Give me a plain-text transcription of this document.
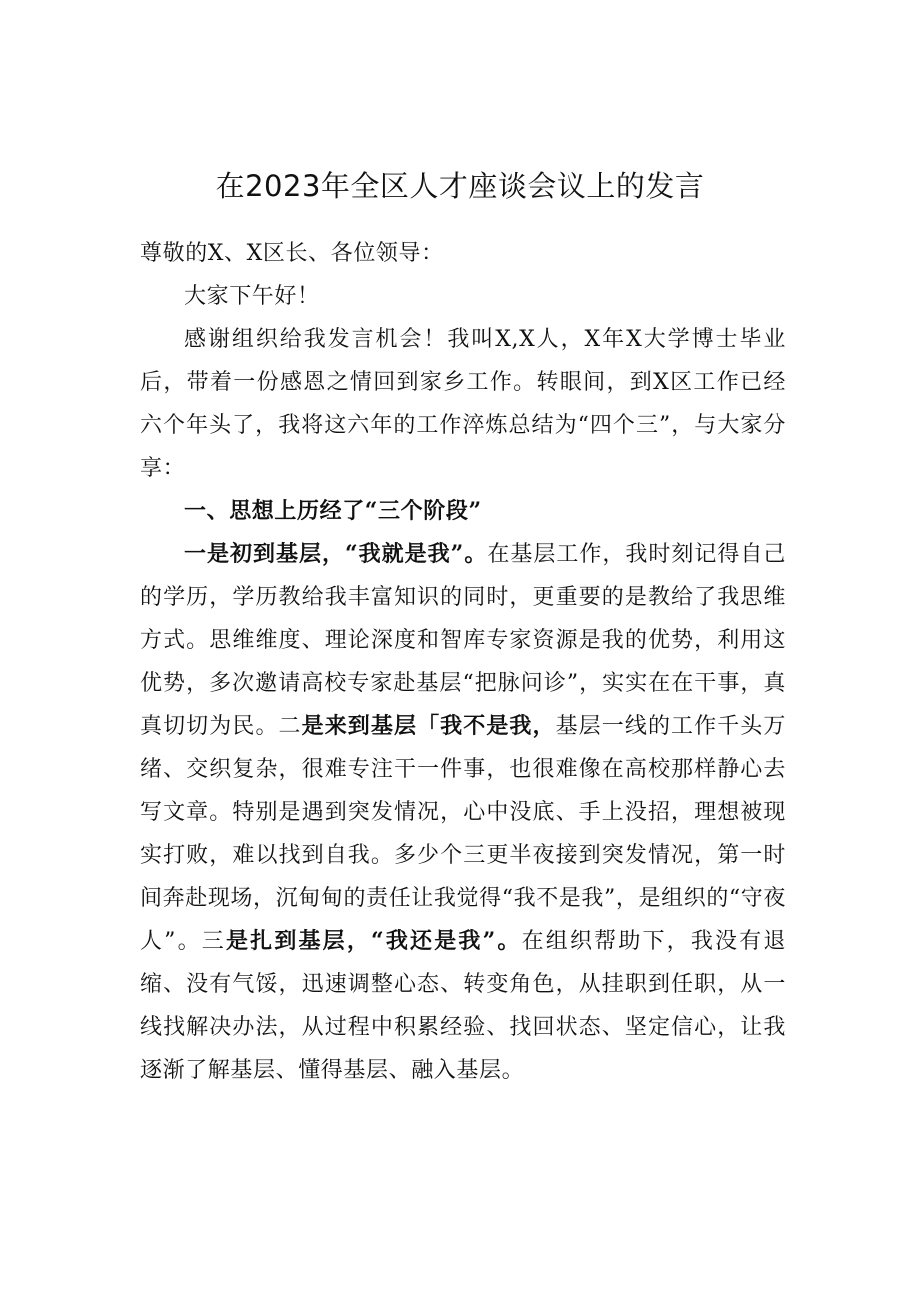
在2023年全区人才座谈会议上的发言

尊敬的X、X区长、各位领导：

大家下午好！

感谢组织给我发言机会！我叫X,X人，X年X大学博士毕业后，带着一份感恩之情回到家乡工作。转眼间，到X区工作已经六个年头了，我将这六年的工作淬炼总结为“四个三”，与大家分享：

一、思想上历经了“三个阶段”

一是初到基层，“我就是我”。在基层工作，我时刻记得自己的学历，学历教给我丰富知识的同时，更重要的是教给了我思维方式。思维维度、理论深度和智库专家资源是我的优势，利用这优势，多次邀请高校专家赴基层“把脉问诊”，实实在在干事，真真切切为民。二是来到基层「我不是我，基层一线的工作千头万绪、交织复杂，很难专注干一件事，也很难像在高校那样静心去写文章。特别是遇到突发情况，心中没底、手上没招，理想被现实打败，难以找到自我。多少个三更半夜接到突发情况，第一时间奔赴现场，沉甸甸的责任让我觉得“我不是我”，是组织的“守夜人”。三是扎到基层，“我还是我”。在组织帮助下，我没有退缩、没有气馁，迅速调整心态、转变角色，从挂职到任职，从一线找解决办法，从过程中积累经验、找回状态、坚定信心，让我逐渐了解基层、懂得基层、融入基层。
